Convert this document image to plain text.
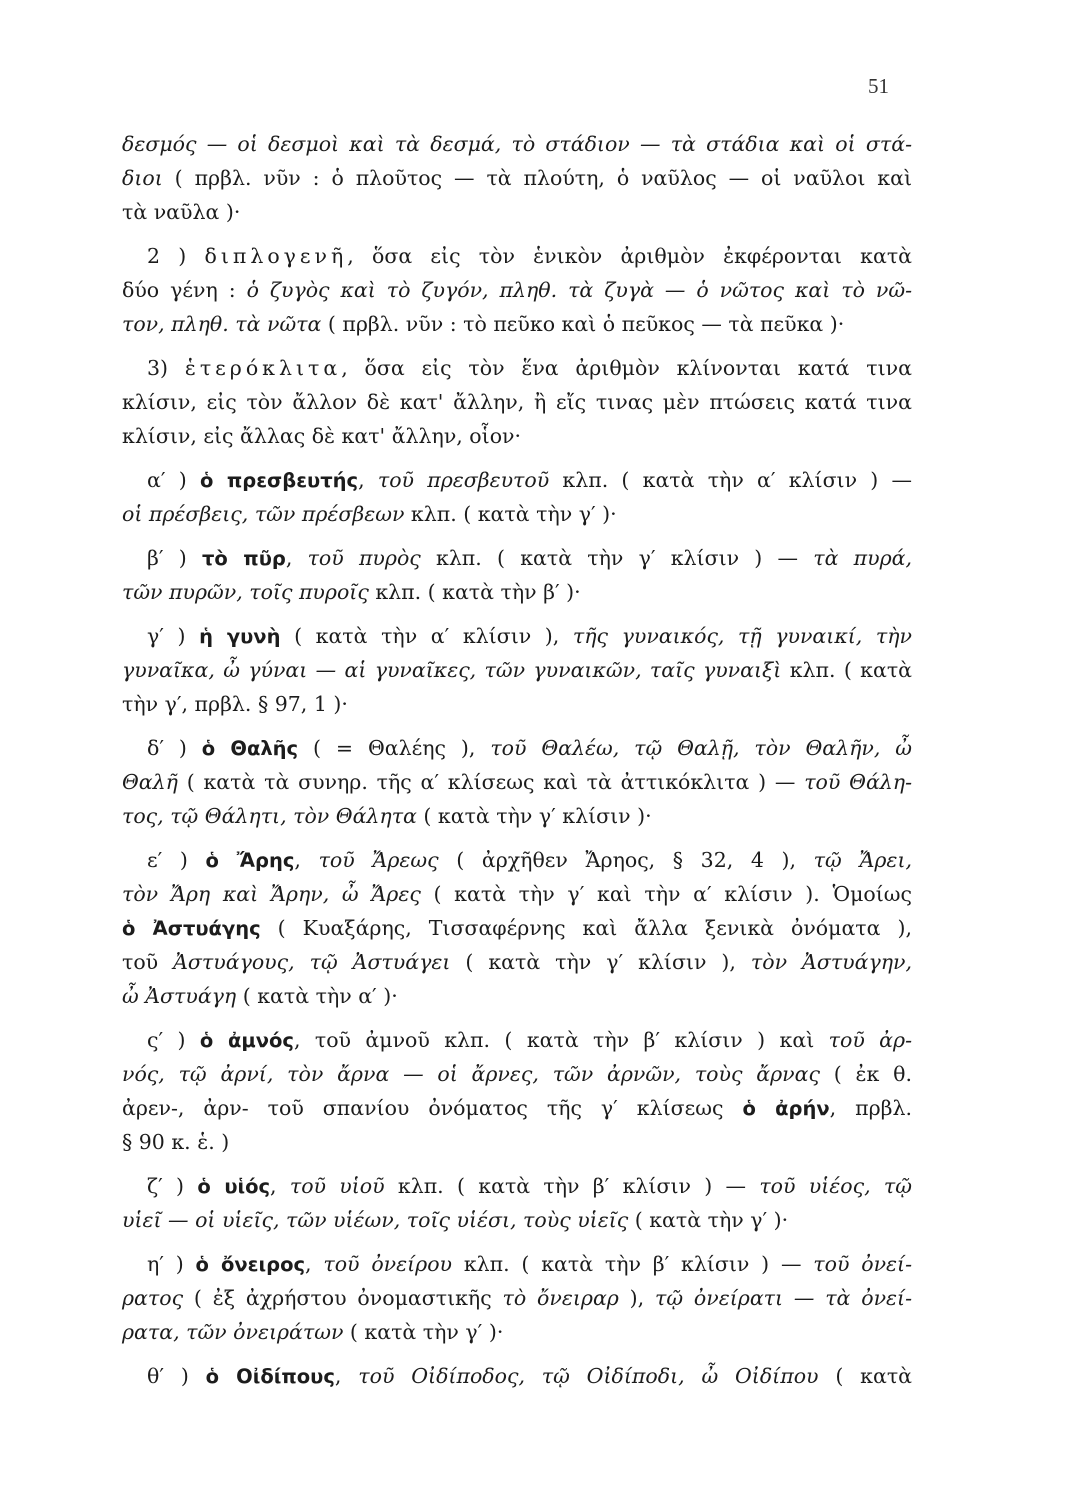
51
δεσμός — οἱ δεσμοὶ καὶ τὰ δεσμά, τὸ στάδιον — τὰ στάδια καὶ οἱ στά-
διοι ( πρβλ. νῦν : ὁ πλοῦτος — τὰ πλούτη, ὁ ναῦλος — οἱ ναῦλοι καὶ
τὰ ναῦλα )·
2 ) διπλογενῆ, ὅσα εἰς τὸν ἑνικὸν ἀριθμὸν ἐκφέρονται κατὰ
δύο γένη : ὁ ζυγὸς καὶ τὸ ζυγόν, πληθ. τὰ ζυγὰ — ὁ νῶτος καὶ τὸ νῶ-
τον, πληθ. τὰ νῶτα ( πρβλ. νῦν : τὸ πεῦκο καὶ ὁ πεῦκος — τὰ πεῦκα )·
3) ἑτερόκλιτα, ὅσα εἰς τὸν ἕνα ἀριθμὸν κλίνονται κατά τινα
κλίσιν, εἰς τὸν ἄλλον δὲ κατ' ἄλλην, ἢ εἴς τινας μὲν πτώσεις κατά τινα
κλίσιν, εἰς ἄλλας δὲ κατ' ἄλλην, οἷον·
α′ ) ὁ πρεσβευτής, τοῦ πρεσβευτοῦ κλπ. ( κατὰ τὴν α′ κλίσιν ) —
οἱ πρέσβεις, τῶν πρέσβεων κλπ. ( κατὰ τὴν γ′ )·
β′ ) τὸ πῦρ, τοῦ πυρὸς κλπ. ( κατὰ τὴν γ′ κλίσιν ) — τὰ πυρά,
τῶν πυρῶν, τοῖς πυροῖς κλπ. ( κατὰ τὴν β′ )·
γ′ ) ἡ γυνὴ ( κατὰ τὴν α′ κλίσιν ), τῆς γυναικός, τῇ γυναικί, τὴν
γυναῖκα, ὦ γύναι — αἱ γυναῖκες, τῶν γυναικῶν, ταῖς γυναιξὶ κλπ. ( κατὰ
τὴν γ′, πρβλ. § 97, 1 )·
δ′ ) ὁ Θαλῆς ( = Θαλέης ), τοῦ Θαλέω, τῷ Θαλῇ, τὸν Θαλῆν, ὦ
Θαλῆ ( κατὰ τὰ συνηρ. τῆς α′ κλίσεως καὶ τὰ ἀττικόκλιτα ) — τοῦ Θάλη-
τος, τῷ Θάλητι, τὸν Θάλητα ( κατὰ τὴν γ′ κλίσιν )·
ε′ ) ὁ Ἄρης, τοῦ Ἄρεως ( ἀρχῆθεν Ἄρηος, § 32, 4 ), τῷ Ἄρει,
τὸν Ἄρη καὶ Ἄρην, ὦ Ἄρες ( κατὰ τὴν γ′ καὶ τὴν α′ κλίσιν ). Ὁμοίως
ὁ Ἀστυάγης ( Κυαξάρης, Τισσαφέρνης καὶ ἄλλα ξενικὰ ὀνόματα ),
τοῦ Ἀστυάγους, τῷ Ἀστυάγει ( κατὰ τὴν γ′ κλίσιν ), τὸν Ἀστυάγην,
ὦ Ἀστυάγη ( κατὰ τὴν α′ )·
ς′ ) ὁ ἀμνός, τοῦ ἀμνοῦ κλπ. ( κατὰ τὴν β′ κλίσιν ) καὶ τοῦ ἀρ-
νός, τῷ ἀρνί, τὸν ἄρνα — οἱ ἄρνες, τῶν ἀρνῶν, τοὺς ἄρνας ( ἐκ θ.
ἀρεν-, ἀρν- τοῦ σπανίου ὀνόματος τῆς γ′ κλίσεως ὁ ἀρήν, πρβλ.
§ 90 κ. ἑ. )
ζ′ ) ὁ υἱός, τοῦ υἱοῦ κλπ. ( κατὰ τὴν β′ κλίσιν ) — τοῦ υἱέος, τῷ
υἱεῖ — οἱ υἱεῖς, τῶν υἱέων, τοῖς υἱέσι, τοὺς υἱεῖς ( κατὰ τὴν γ′ )·
η′ ) ὁ ὄνειρος, τοῦ ὀνείρου κλπ. ( κατὰ τὴν β′ κλίσιν ) — τοῦ ὀνεί-
ρατος ( ἐξ ἀχρήστου ὀνομαστικῆς τὸ ὄνειραρ ), τῷ ὀνείρατι — τὰ ὀνεί-
ρατα, τῶν ὀνειράτων ( κατὰ τὴν γ′ )·
θ′ ) ὁ Οἰδίπους, τοῦ Οἰδίποδος, τῷ Οἰδίποδι, ὦ Οἰδίπου ( κατὰ
